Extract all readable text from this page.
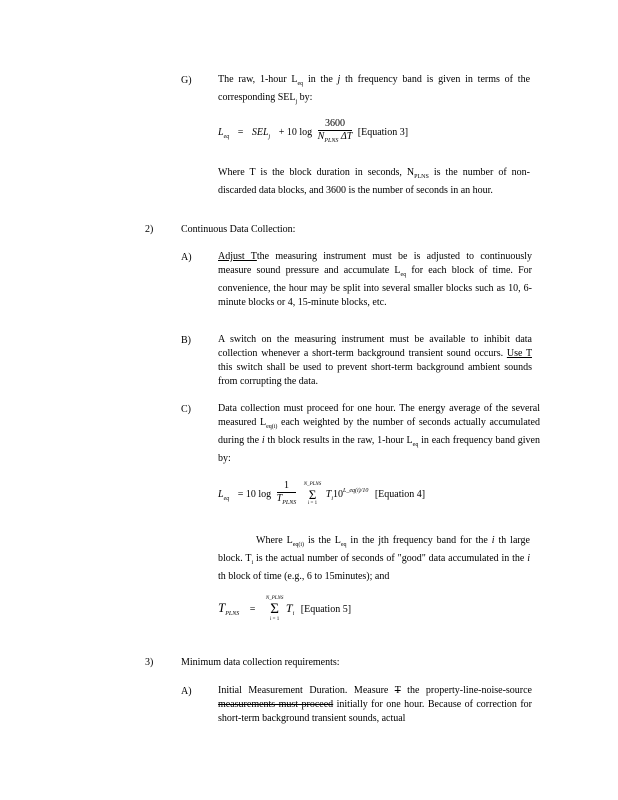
G)	The raw, 1-hour $L_{eq}$ in the j th frequency band is given in terms of the corresponding $SEL_j$ by:
$L_{eq} = SEL_j + 10$ $\log \frac{3600}{N_{PLNS} \Delta T}$ [Equation 3]
Where T is the block duration in seconds, $N_{PLNS}$ is the number of non-discarded data blocks, and 3600 is the number of seconds in an hour.
2)	Continuous Data Collection:
A)	Adjust Tthe measuring instrument must be is adjusted to continuously measure sound pressure and accumulate $L_{eq}$ for each block of time. For convenience, the hour may be split into several smaller blocks such as 10, 6-minute blocks or 4, 15-minute blocks, etc.
B)	A switch on the measuring instrument must be available to inhibit data collection whenever a short-term background transient sound occurs. Use T this switch shall be used to prevent short-term background ambient sounds from corrupting the data.
C)	Data collection must proceed for one hour. The energy average of the several measured $L_{eq(i)}$ each weighted by the number of seconds actually accumulated during the i th block results in the raw, 1-hour $L_{eq}$ in each frequency band given by:
$L_{eq} = 10$ $\log \frac{1}{T_{PLNS}}$
N_PLNS
Σ
i = 1
$T_i10^{L\_eq(i)/10}$ [Equation 4]
Where $L_{eq(i)}$ is the $L_{eq}$ in the jth frequency band for the i th large block. $T_i$ is the actual number of seconds of "good" data accumulated in the i th block of time (e.g., 6 to 15minutes); and
$T_{PLNS}$ =
N_PLNS
Σ
i = 1
$T_i$ [Equation 5]
3)	Minimum data collection requirements:
A)	Initial Measurement Duration. Measure T the property-line-noise-source measurements must proceed initially for one hour. Because of correction for short-term background transient sounds, actual
